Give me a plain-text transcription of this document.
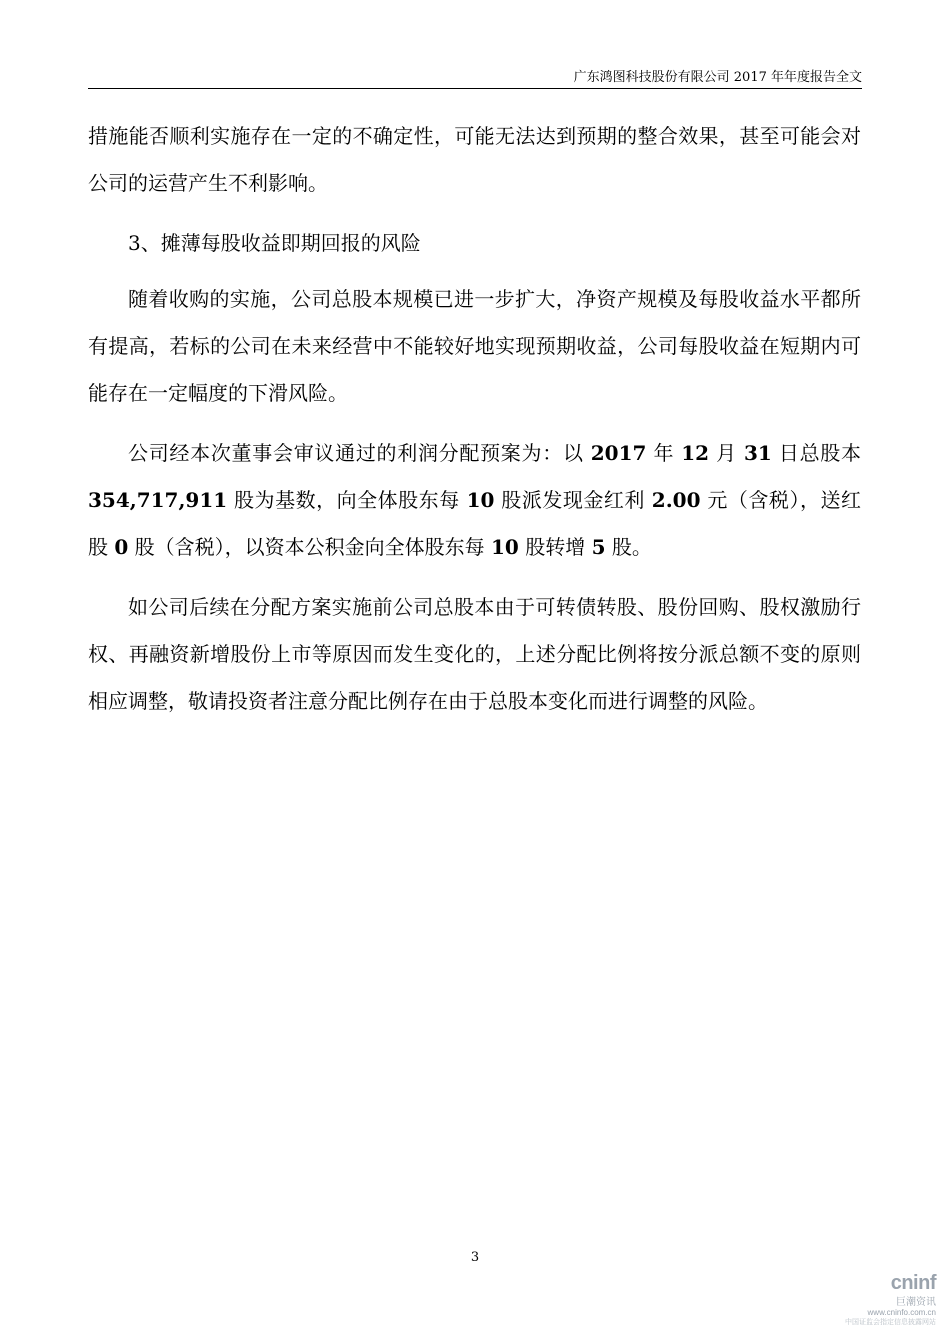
广东鸿图科技股份有限公司 2017 年年度报告全文

措施能否顺利实施存在一定的不确定性，可能无法达到预期的整合效果，甚至可能会对公司的运营产生不利影响。

3、摊薄每股收益即期回报的风险

随着收购的实施，公司总股本规模已进一步扩大，净资产规模及每股收益水平都所有提高，若标的公司在未来经营中不能较好地实现预期收益，公司每股收益在短期内可能存在一定幅度的下滑风险。

公司经本次董事会审议通过的利润分配预案为：以 2017 年 12 月 31 日总股本 354,717,911 股为基数，向全体股东每 10 股派发现金红利 2.00 元（含税），送红股 0 股（含税），以资本公积金向全体股东每 10 股转增 5 股。

如公司后续在分配方案实施前公司总股本由于可转债转股、股份回购、股权激励行权、再融资新增股份上市等原因而发生变化的，上述分配比例将按分派总额不变的原则相应调整，敬请投资者注意分配比例存在由于总股本变化而进行调整的风险。

3
cninf
巨潮资讯
www.cninfo.com.cn
中国证监会指定信息披露网站
